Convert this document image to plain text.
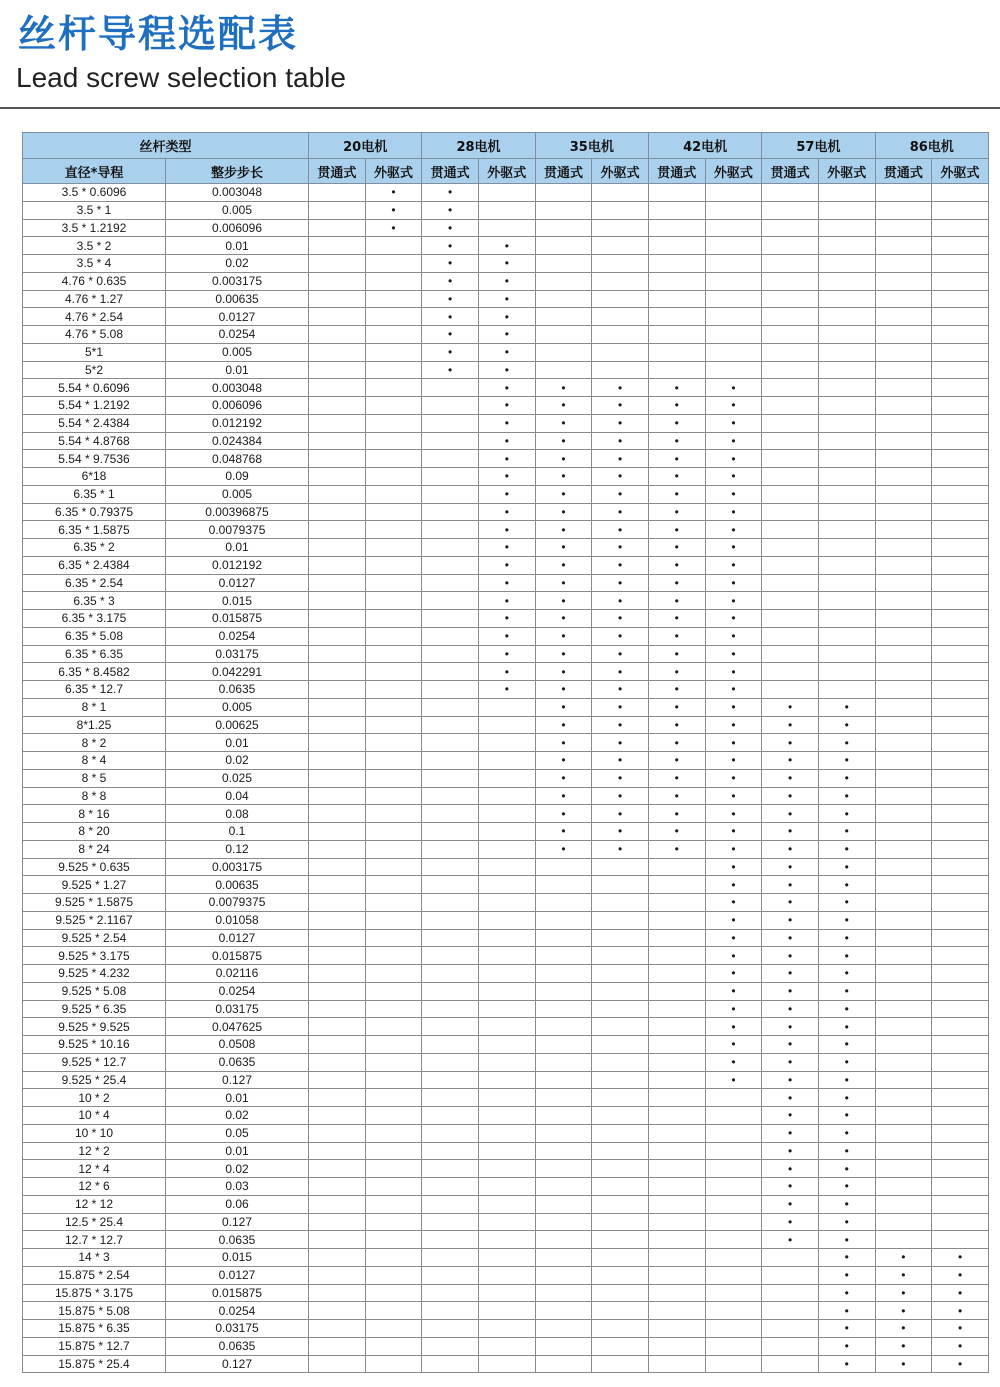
丝杆导程选配表
Lead screw selection table
丝杆类型		20电机		28电机		35电机		42电机		57电机		86电机	
直径*导程	整步步长	贯通式	外驱式	贯通式	外驱式	贯通式	外驱式	贯通式	外驱式	贯通式	外驱式	贯通式	外驱式
3.5 * 0.6096	0.003048		•	•									
3.5 * 1	0.005		•	•									
3.5 * 1.2192	0.006096		•	•									
3.5 * 2	0.01			•	•								
3.5 * 4	0.02			•	•								
4.76 * 0.635	0.003175			•	•								
4.76 * 1.27	0.00635			•	•								
4.76 * 2.54	0.0127			•	•								
4.76 * 5.08	0.0254			•	•								
5*1	0.005			•	•								
5*2	0.01			•	•								
5.54 * 0.6096	0.003048				•	•	•	•	•				
5.54 * 1.2192	0.006096				•	•	•	•	•				
5.54 * 2.4384	0.012192				•	•	•	•	•				
5.54 * 4.8768	0.024384				•	•	•	•	•				
5.54 * 9.7536	0.048768				•	•	•	•	•				
6*18	0.09				•	•	•	•	•				
6.35 * 1	0.005				•	•	•	•	•				
6.35 * 0.79375	0.00396875				•	•	•	•	•				
6.35 * 1.5875	0.0079375				•	•	•	•	•				
6.35 * 2	0.01				•	•	•	•	•				
6.35 * 2.4384	0.012192				•	•	•	•	•				
6.35 * 2.54	0.0127				•	•	•	•	•				
6.35 * 3	0.015				•	•	•	•	•				
6.35 * 3.175	0.015875				•	•	•	•	•				
6.35 * 5.08	0.0254				•	•	•	•	•				
6.35 * 6.35	0.03175				•	•	•	•	•				
6.35 * 8.4582	0.042291				•	•	•	•	•				
6.35 * 12.7	0.0635				•	•	•	•	•				
8 * 1	0.005					•	•	•	•	•	•		
8*1.25	0.00625					•	•	•	•	•	•		
8 * 2	0.01					•	•	•	•	•	•		
8 * 4	0.02					•	•	•	•	•	•		
8 * 5	0.025					•	•	•	•	•	•		
8 * 8	0.04					•	•	•	•	•	•		
8 * 16	0.08					•	•	•	•	•	•		
8 * 20	0.1					•	•	•	•	•	•		
8 * 24	0.12					•	•	•	•	•	•		
9.525 * 0.635	0.003175								•	•	•		
9.525 * 1.27	0.00635								•	•	•		
9.525 * 1.5875	0.0079375								•	•	•		
9.525 * 2.1167	0.01058								•	•	•		
9.525 * 2.54	0.0127								•	•	•		
9.525 * 3.175	0.015875								•	•	•		
9.525 * 4.232	0.02116								•	•	•		
9.525 * 5.08	0.0254								•	•	•		
9.525 * 6.35	0.03175								•	•	•		
9.525 * 9.525	0.047625								•	•	•		
9.525 * 10.16	0.0508								•	•	•		
9.525 * 12.7	0.0635								•	•	•		
9.525 * 25.4	0.127								•	•	•		
10 * 2	0.01									•	•		
10 * 4	0.02									•	•		
10 * 10	0.05									•	•		
12 * 2	0.01									•	•		
12 * 4	0.02									•	•		
12 * 6	0.03									•	•		
12 * 12	0.06									•	•		
12.5 * 25.4	0.127									•	•		
12.7 * 12.7	0.0635									•	•		
14 * 3	0.015										•	•	•
15.875 * 2.54	0.0127										•	•	•
15.875 * 3.175	0.015875										•	•	•
15.875 * 5.08	0.0254										•	•	•
15.875 * 6.35	0.03175										•	•	•
15.875 * 12.7	0.0635										•	•	•
15.875 * 25.4	0.127										•	•	•
